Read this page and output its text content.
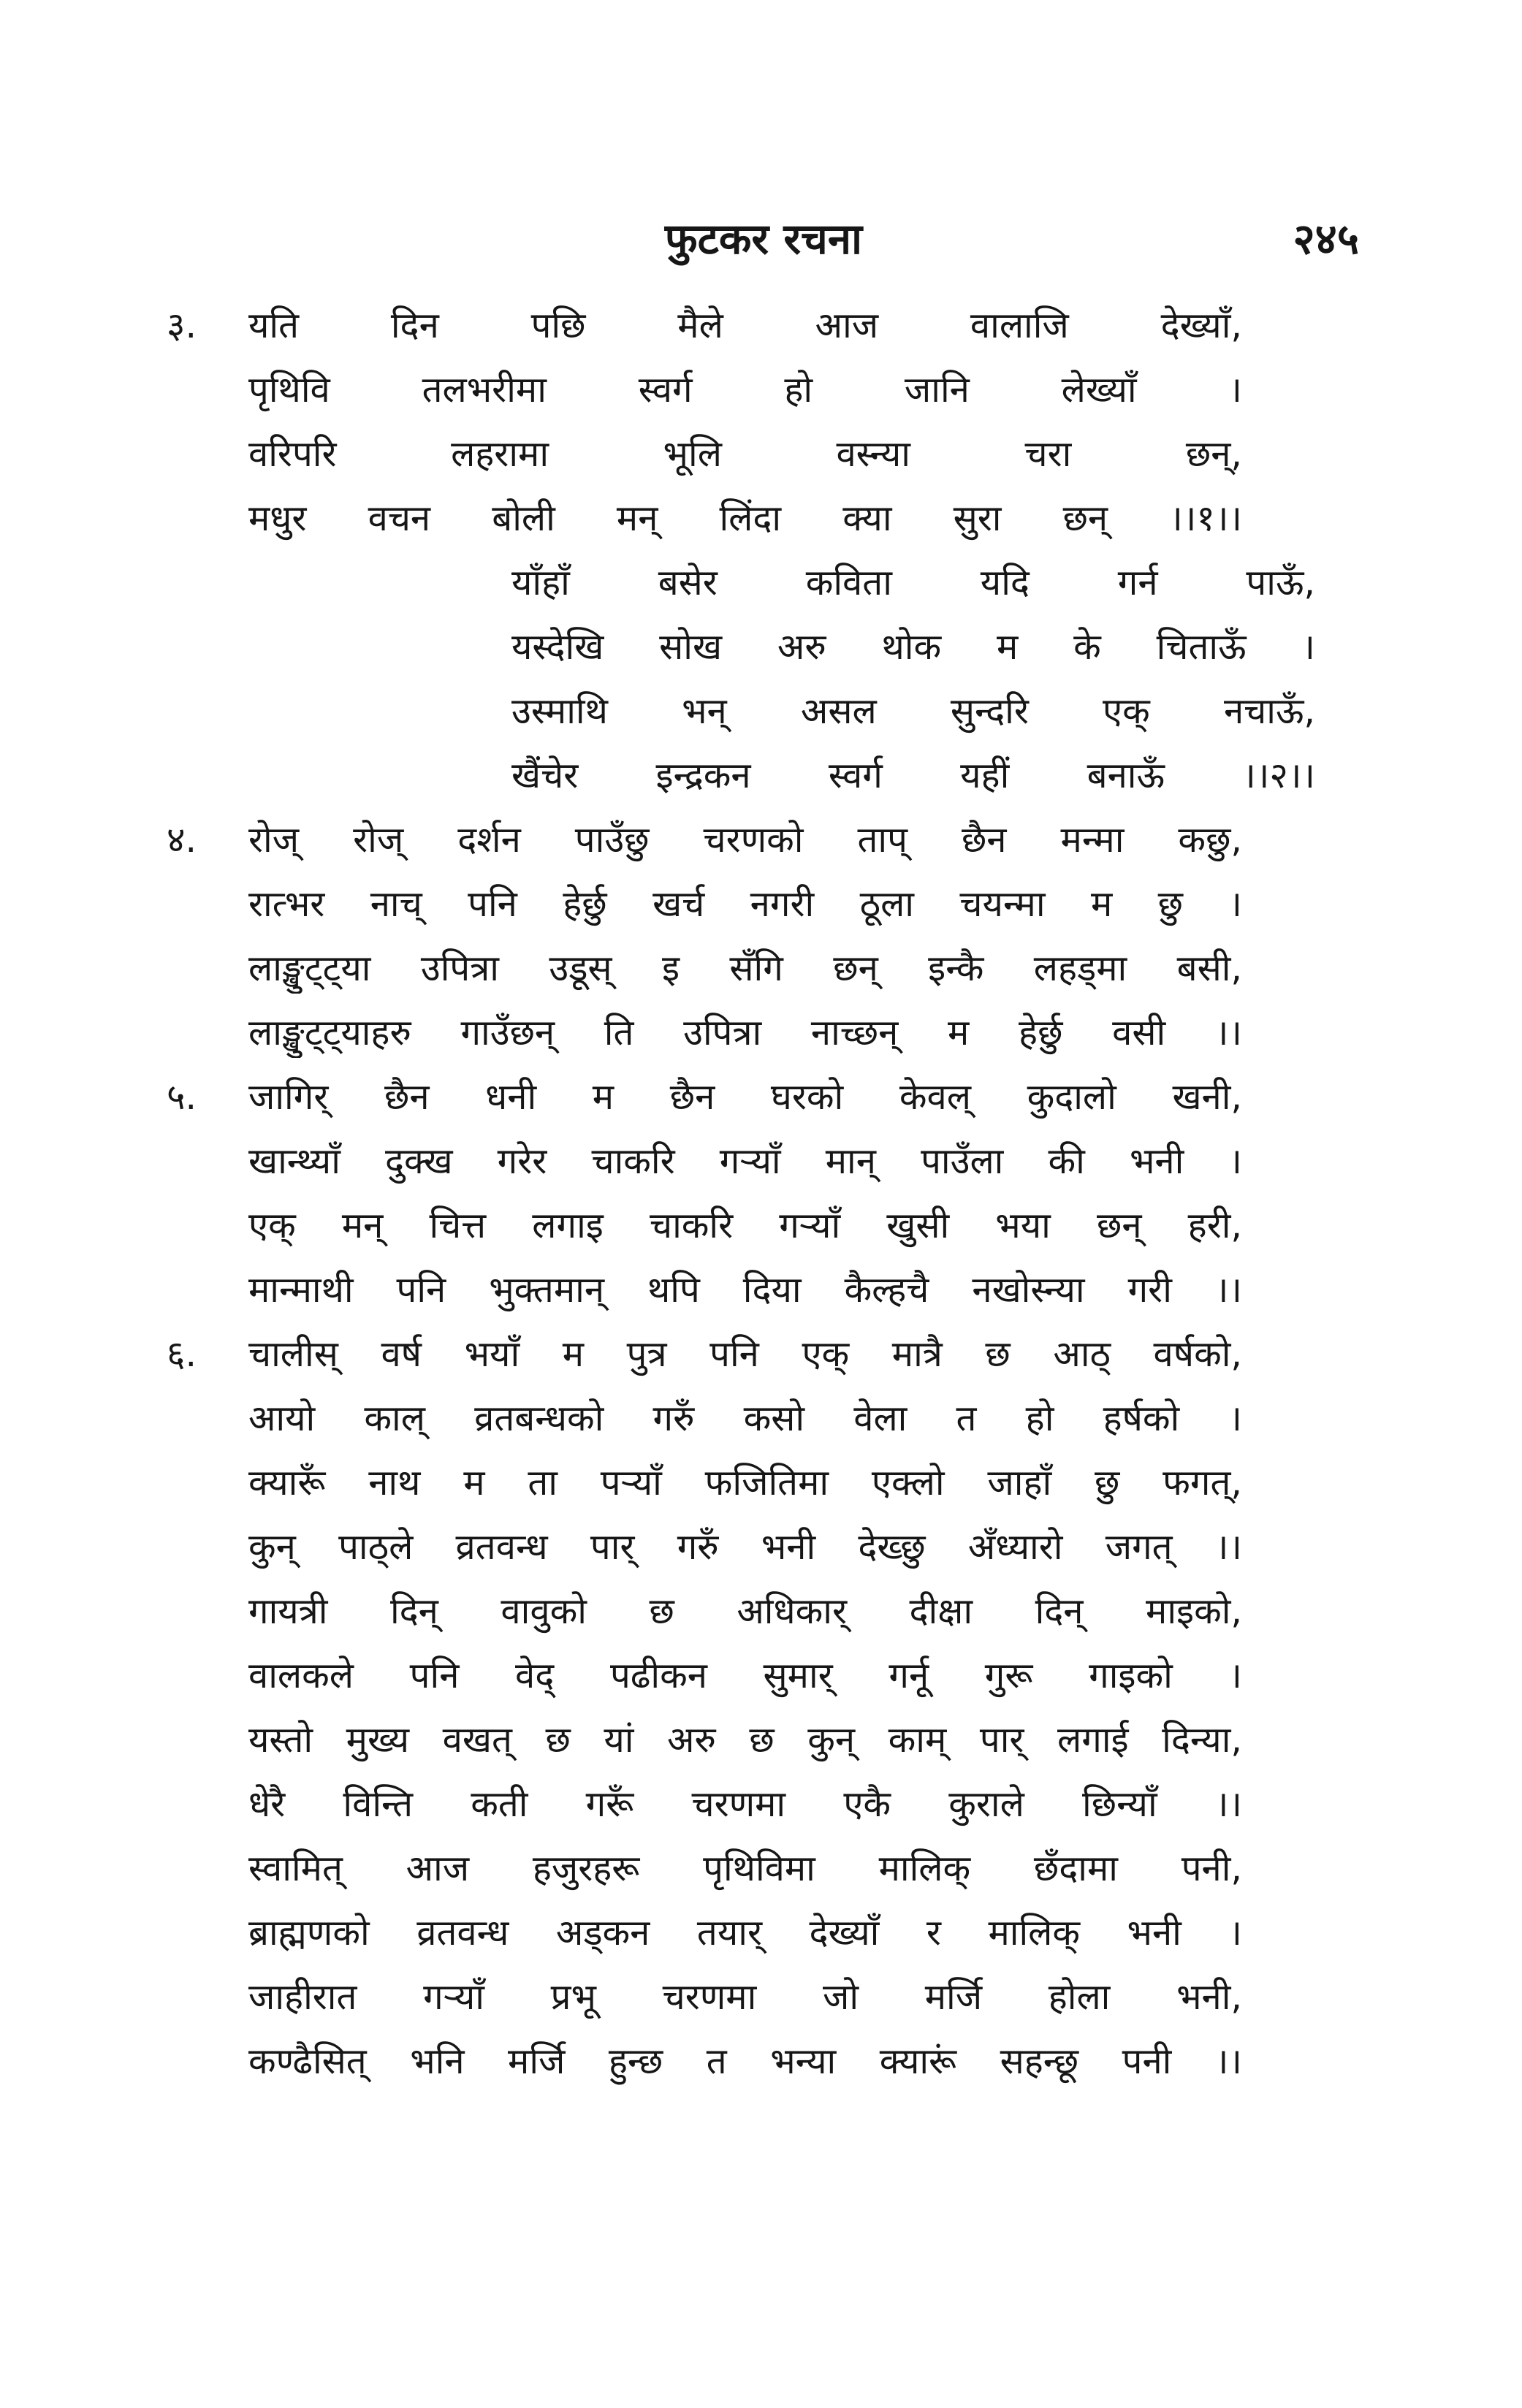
फुटकर रचना	२४५
३.	यति दिन पछि मैले आज वालाजि देख्याँ,
पृथिवि तलभरीमा स्वर्ग हो जानि लेख्याँ ।
वरिपरि लहरामा भूलि वस्न्या चरा छन्,
मधुर वचन बोली मन् लिंदा क्या सुरा छन् ।।१।।
याँहाँ बसेर कविता यदि गर्न पाऊँ,
यस्देखि सोख अरु थोक म के चिताऊँ ।
उस्माथि भन् असल सुन्दरि एक् नचाऊँ,
खैंचेर इन्द्रकन स्वर्ग यहीं बनाऊँ ।।२।।
४.	रोज् रोज् दर्शन पाउँछु चरणको ताप् छैन मन्मा कछु,
रात्भर नाच् पनि हेर्छु खर्च नगरी ठूला चयन्मा म छु ।
लाङ्खुट्ट्या उपित्रा उडूस् इ सँगि छन् इन्कै लहड्मा बसी,
लाङ्खुट्ट्याहरु गाउँछन् ति उपित्रा नाच्छन् म हेर्छु वसी ।।
५.	जागिर् छैन धनी म छैन घरको केवल् कुदालो खनी,
खान्थ्याँ दुक्ख गरेर चाकरि गर्‍याँ मान् पाउँला की भनी ।
एक् मन् चित्त लगाइ चाकरि गर्‍याँ खुसी भया छन् हरी,
मान्माथी पनि भुक्तमान् थपि दिया कैल्हचै नखोस्न्या गरी ।।
६.	चालीस् वर्ष भयाँ म पुत्र पनि एक् मात्रै छ आठ् वर्षको,
आयो काल् व्रतबन्धको गरुँ कसो वेला त हो हर्षको ।
क्यारूँ नाथ म ता पर्‍याँ फजितिमा एक्लो जाहाँ छु फगत्,
कुन् पाठ्ले व्रतवन्ध पार् गरुँ भनी देख्छु अँध्यारो जगत् ।।
गायत्री दिन् वावुको छ अधिकार् दीक्षा दिन् माइको,
वालकले पनि वेद् पढीकन सुमार् गर्नू गुरू गाइको ।
यस्तो मुख्य वखत् छ यां अरु छ कुन् काम् पार् लगाई दिन्या,
धेरै विन्ति कती गरूँ चरणमा एकै कुराले छिन्याँ ।।
स्वामित् आज हजुरहरू पृथिविमा मालिक् छँदामा पनी,
ब्राह्मणको व्रतवन्ध अड्कन तयार् देख्याँ र मालिक् भनी ।
जाहीरात गर्‍याँ प्रभू चरणमा जो मर्जि होला भनी,
कण्ढैसित् भनि मर्जि हुन्छ त भन्या क्यारूं सहन्छू पनी ।।
